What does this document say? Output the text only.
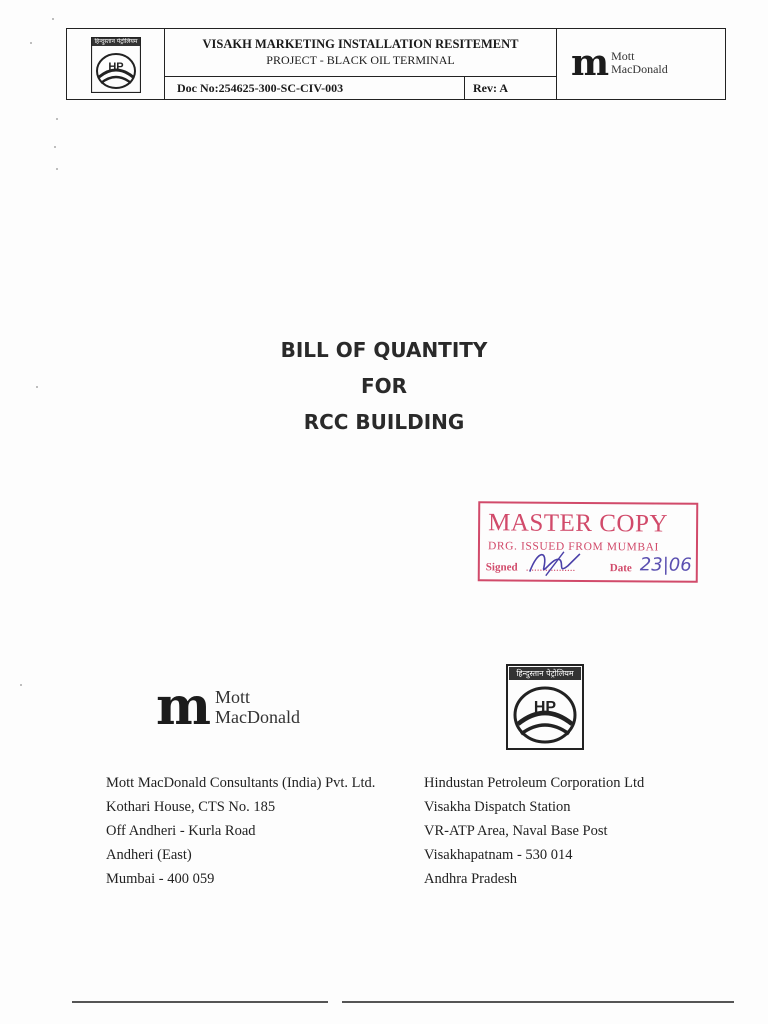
हिन्दुस्तान पेट्रोलियम
HP
VISAKH MARKETING INSTALLATION RESITEMENT
PROJECT - BLACK OIL TERMINAL
Doc No:254625-300-SC-CIV-003	Rev: A
m Mott
MacDonald
BILL OF QUANTITY
FOR
RCC BUILDING
MASTER COPY
DRG. ISSUED FROM MUMBAI
Signed ..................	Date 23|06
m Mott
MacDonald
हिन्दुस्तान पेट्रोलियम
HP
Mott MacDonald Consultants (India) Pvt. Ltd.
Kothari House, CTS No. 185
Off Andheri - Kurla Road
Andheri (East)
Mumbai - 400 059
Hindustan Petroleum Corporation Ltd
Visakha Dispatch Station
VR-ATP Area, Naval Base Post
Visakhapatnam - 530 014
Andhra Pradesh
